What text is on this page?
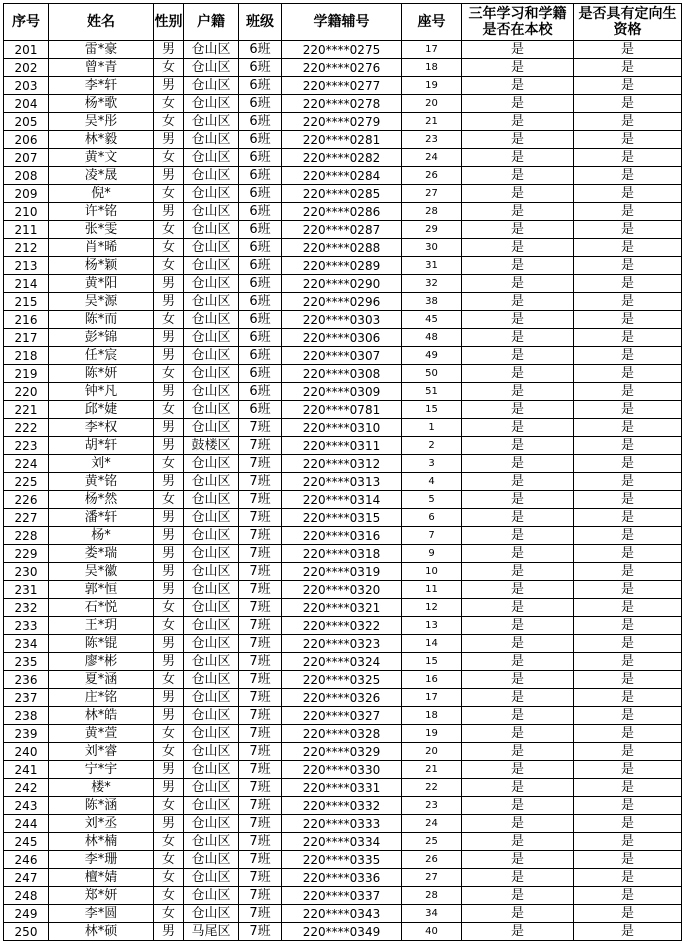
序号	姓名	性别	户籍	班级	学籍辅号	座号	三年学习和学籍是否在本校	是否具有定向生资格
201	雷*豪	男	仓山区	6班	220****0275	17	是	是
202	曾*青	女	仓山区	6班	220****0276	18	是	是
203	李*轩	男	仓山区	6班	220****0277	19	是	是
204	杨*歌	女	仓山区	6班	220****0278	20	是	是
205	吴*彤	女	仓山区	6班	220****0279	21	是	是
206	林*毅	男	仓山区	6班	220****0281	23	是	是
207	黄*文	女	仓山区	6班	220****0282	24	是	是
208	凌*晟	男	仓山区	6班	220****0284	26	是	是
209	倪*	女	仓山区	6班	220****0285	27	是	是
210	许*铭	男	仓山区	6班	220****0286	28	是	是
211	张*雯	女	仓山区	6班	220****0287	29	是	是
212	肖*晞	女	仓山区	6班	220****0288	30	是	是
213	杨*颖	女	仓山区	6班	220****0289	31	是	是
214	黄*阳	男	仓山区	6班	220****0290	32	是	是
215	吴*源	男	仓山区	6班	220****0296	38	是	是
216	陈*而	女	仓山区	6班	220****0303	45	是	是
217	彭*锦	男	仓山区	6班	220****0306	48	是	是
218	任*宸	男	仓山区	6班	220****0307	49	是	是
219	陈*妍	女	仓山区	6班	220****0308	50	是	是
220	钟*凡	男	仓山区	6班	220****0309	51	是	是
221	邱*婕	女	仓山区	6班	220****0781	15	是	是
222	李*权	男	仓山区	7班	220****0310	1	是	是
223	胡*轩	男	鼓楼区	7班	220****0311	2	是	是
224	刘*	女	仓山区	7班	220****0312	3	是	是
225	黄*铭	男	仓山区	7班	220****0313	4	是	是
226	杨*然	女	仓山区	7班	220****0314	5	是	是
227	潘*轩	男	仓山区	7班	220****0315	6	是	是
228	杨*	男	仓山区	7班	220****0316	7	是	是
229	娄*瑞	男	仓山区	7班	220****0318	9	是	是
230	吴*徽	男	仓山区	7班	220****0319	10	是	是
231	郭*恒	男	仓山区	7班	220****0320	11	是	是
232	石*悦	女	仓山区	7班	220****0321	12	是	是
233	王*玥	女	仓山区	7班	220****0322	13	是	是
234	陈*锟	男	仓山区	7班	220****0323	14	是	是
235	廖*彬	男	仓山区	7班	220****0324	15	是	是
236	夏*涵	女	仓山区	7班	220****0325	16	是	是
237	庄*铭	男	仓山区	7班	220****0326	17	是	是
238	林*皓	男	仓山区	7班	220****0327	18	是	是
239	黄*萱	女	仓山区	7班	220****0328	19	是	是
240	刘*睿	女	仓山区	7班	220****0329	20	是	是
241	宁*宇	男	仓山区	7班	220****0330	21	是	是
242	楼*	男	仓山区	7班	220****0331	22	是	是
243	陈*涵	女	仓山区	7班	220****0332	23	是	是
244	刘*丞	男	仓山区	7班	220****0333	24	是	是
245	林*楠	女	仓山区	7班	220****0334	25	是	是
246	李*珊	女	仓山区	7班	220****0335	26	是	是
247	檀*婧	女	仓山区	7班	220****0336	27	是	是
248	郑*妍	女	仓山区	7班	220****0337	28	是	是
249	李*圆	女	仓山区	7班	220****0343	34	是	是
250	林*硕	男	马尾区	7班	220****0349	40	是	是
